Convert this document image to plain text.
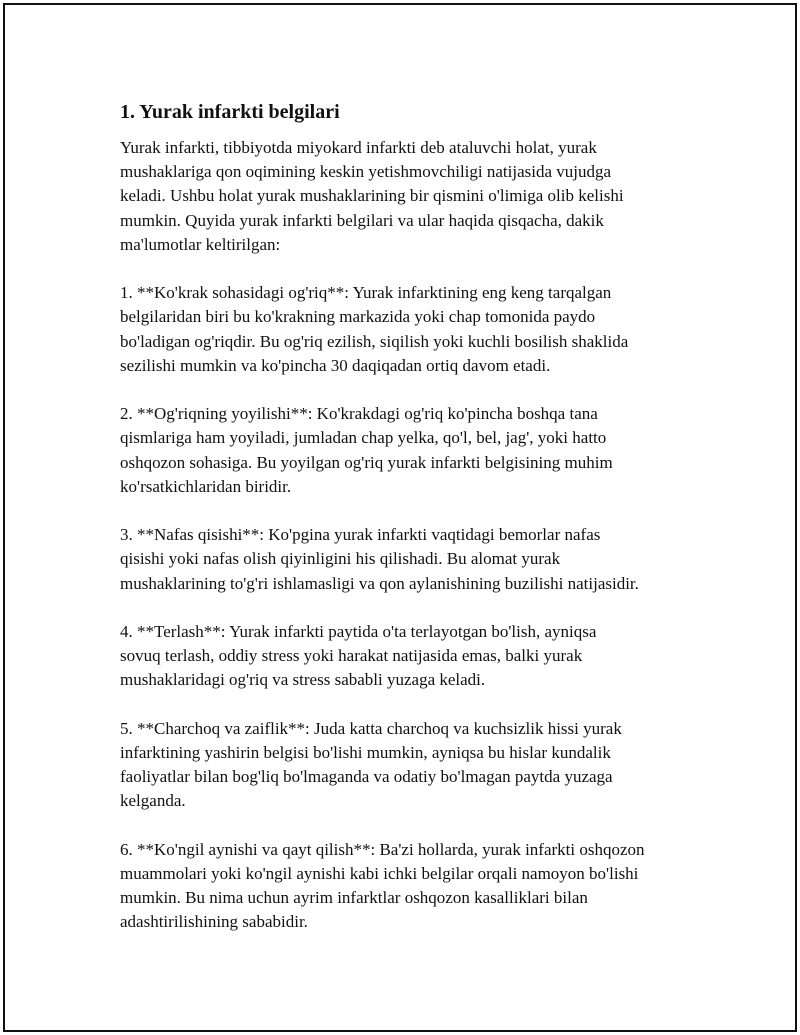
1. Yurak infarkti belgilari

Yurak infarkti, tibbiyotda miyokard infarkti deb ataluvchi holat, yurak
mushaklariga qon oqimining keskin yetishmovchiligi natijasida vujudga
keladi. Ushbu holat yurak mushaklarining bir qismini o'limiga olib kelishi
mumkin. Quyida yurak infarkti belgilari va ular haqida qisqacha, dakik
ma'lumotlar keltirilgan:

1. **Ko'krak sohasidagi og'riq**: Yurak infarktining eng keng tarqalgan
belgilaridan biri bu ko'krakning markazida yoki chap tomonida paydo
bo'ladigan og'riqdir. Bu og'riq ezilish, siqilish yoki kuchli bosilish shaklida
sezilishi mumkin va ko'pincha 30 daqiqadan ortiq davom etadi.

2. **Og'riqning yoyilishi**: Ko'krakdagi og'riq ko'pincha boshqa tana
qismlariga ham yoyiladi, jumladan chap yelka, qo'l, bel, jag', yoki hatto
oshqozon sohasiga. Bu yoyilgan og'riq yurak infarkti belgisining muhim
ko'rsatkichlaridan biridir.

3. **Nafas qisishi**: Ko'pgina yurak infarkti vaqtidagi bemorlar nafas
qisishi yoki nafas olish qiyinligini his qilishadi. Bu alomat yurak
mushaklarining to'g'ri ishlamasligi va qon aylanishining buzilishi natijasidir.

4. **Terlash**: Yurak infarkti paytida o'ta terlayotgan bo'lish, ayniqsa
sovuq terlash, oddiy stress yoki harakat natijasida emas, balki yurak
mushaklaridagi og'riq va stress sababli yuzaga keladi.

5. **Charchoq va zaiflik**: Juda katta charchoq va kuchsizlik hissi yurak
infarktining yashirin belgisi bo'lishi mumkin, ayniqsa bu hislar kundalik
faoliyatlar bilan bog'liq bo'lmaganda va odatiy bo'lmagan paytda yuzaga
kelganda.

6. **Ko'ngil aynishi va qayt qilish**: Ba'zi hollarda, yurak infarkti oshqozon
muammolari yoki ko'ngil aynishi kabi ichki belgilar orqali namoyon bo'lishi
mumkin. Bu nima uchun ayrim infarktlar oshqozon kasalliklari bilan
adashtirilishining sababidir.
